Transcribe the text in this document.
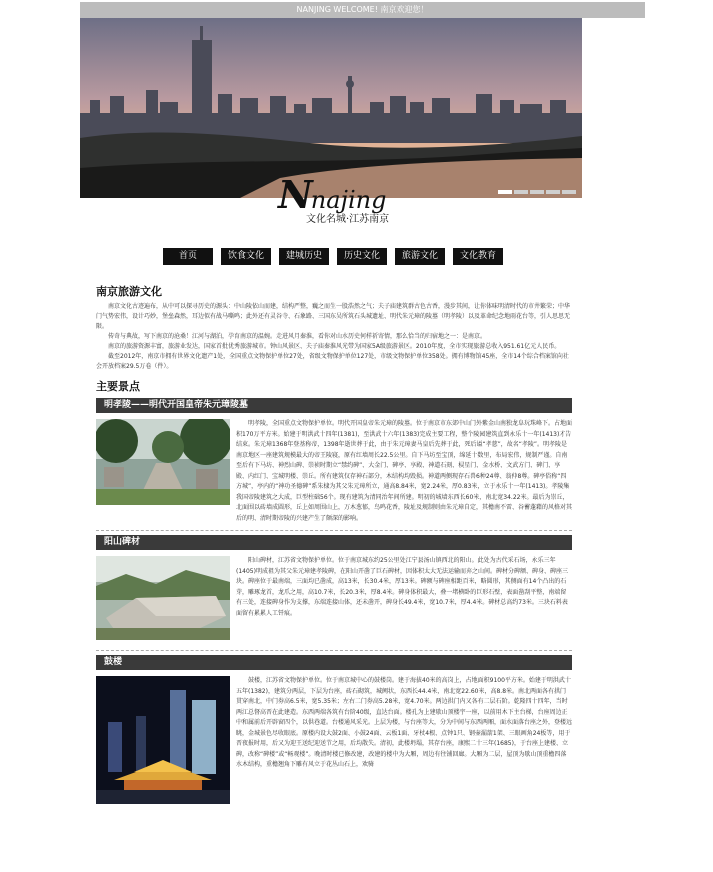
NANJING WELCOME! 南京欢迎您！
Nnajing
文化名城·江苏南京
首页	饮食文化	建城历史	历史文化	旅游文化	文化教育
南京旅游文化

南京文化古迹遍布，从中可以探寻历史的源头：中山陵依山而建，结构严整，巍之而生一股浩然之气；夫子庙建筑群古色古香，漫步其间，让你体味明清时代的市井繁荣；中华门气势宏伟，设计巧妙，堡垒森然，耳边似有战马嘶鸣；此外还有灵谷寺、石象路、三国东吴所筑石头城遗址、明代朱元璋的陵墓（明孝陵）以及革命纪念地雨花台等，引人思思无限。

传奇与典故，写下南京的沧桑！江河与湖泊，孕育南京的温婉。走进风月秦淮，看你对山水历史何样祈寄情，那么恰当的归宿地之一：是南京。

南京的旅游资源丰富，旅游业发达，国家首批优秀旅游城市。钟山风景区、夫子庙秦淮风光带为国家5A级旅游景区。2010年度，全市实现旅游总收入951.61亿元人民币。

截至2012年，南京市拥有世界文化遗产1处，全国重点文物保护单位27处，省级文物保护单位127处，市级文物保护单位358处。拥有博物馆45座，全市14个综合档案馆向社会开放档案29.5万卷（件）。

主要景点
明孝陵——明代开国皇帝朱元璋陵墓
明孝陵，全国重点文物保护单位。明代开国皇帝朱元璋的陵墓。位于南京市东郊中山门外紫金山南独龙阜玩珠峰下。占地面积170万平方米。始建于明洪武十四年(1381)，至洪武十六年(1383)完成主要工程，整个陵园建筑直到永乐十一年(1413)才告结束。朱元璋1368年登基称帝，1398年逝世葬于此，由于朱元璋妻马皇后先葬于此，死后谥“孝慈”，故名“孝陵”。明孝陵是南京地区一座建筑规模最大的帝王陵寝，原有红墙周长22.5公里。自下马坊至宝顶，绵延十数里，布局宏伟，规制严谨。自南至后有下马坊、神烈山碑、崇祯时期立“禁约碑”、大金门、碑亭、享殿、神道石刻、棂星门、金水桥、文武方门、碑门、享殿、内红门、宝城明楼、崇丘。所有建筑仅存神石部分，木结构均毁损。神道两侧现存石兽6种24尊、翁仲8尊。碑亭俗称“四方城”，亭内的“神功圣德碑”系朱棣为其父朱元璋所立，通高8.84米，宽2.24米，厚0.83米，立于永乐十一年(1413)。孝陵集我国帝陵建筑之大成，巨型柱础56个。现有建筑为清同治年间所建。明初的城墙东西长60米，南北宽34.22米。最后为崇丘，北面围以砖墙成圆形，丘上如周围山上，万木葱郁，鸟鸣花香，陵址及规制则由朱元璋自定，其檐南不雷、谷蓄蓬藉的风格对其后的明、清时期帝陵的兴建产生了颇深的影响。
阳山碑材
阳山碑材，江苏省文物保护单位。位于南京城东约25公里处江宁县汤山镇西北的阳山。此处为古代采石场，永乐三年(1405)明成祖为其父朱元璋建孝陵碑，在阳山开凿了巨石碑材，因体积太大无法运输而弃之山间。碑材分碑额、碑身、碑座三块。碑座位于最南端，三面均已凿成，高13米，长30.4米，厚13米。碑额与碑座相距百米，略圆形，其侧面有14个凸出的石芽，雕琢龙首，龙爪之用，高10.7米，长20.3米，厚8.4米。碑身体积最大，叠一堵横卧的巨形石壁，表面凿刮平整，南端留有三处，连接碑身作为支撑，东端连接山体，还未凿开，碑身长49.4米，宽10.7米，厚4.4米。碑材总高约73米。三块石料表面留有累累人工钎痕。
鼓楼
鼓楼，江苏省文物保护单位。位于南京城中心的鼓楼岗。建于海拔40米的高岗上，占地面积9100平方米。始建于明洪武十五年(1382)，建筑分两层，下层为台座，砖石砌筑，城阙状，东西长44.4米，南北宽22.60米，高8.8米。南北两面各有拱门贯穿南北，中门券高6.5米，宽5.35米；左右二门券高5.28米，宽4.70米。两边拱门内又各有二层石阶。乾隆四十四年，当时两江总督高晋在此建造。东西两端各筑有台阶40级，直达台面。楼孔为上建歇山顶楼宇一座，以前用木下主台梯，台座周边正中和属前后开辟窗四个，以供巷道。台楼通风采光。上层为楼，与台座等大，分为中间与东西两厢，面水面落台座之外，登楼远眺，金城景色尽收眼底。原楼内设大鼓2面、小鼓24面、云板1面、牙杖4根、点钟1只、钢壶漏箭1架、三眼画角24板等，用于晋夜报时用，后又为迎王送纪迎送节之用，后均散失。清初，此楼坍塌，其存台座，康熙二十三年(1685)，于台座上建楼、立碑，改称“碑楼”或“畅观楼”。晚清时楼已修改建，改建的楼中为大厢，周边有往铺回廊。大厢为二层，屋顶为歇山顶重檐四落水木结构，重檐翘角下雕有风立于花丛山石上，欢骑
